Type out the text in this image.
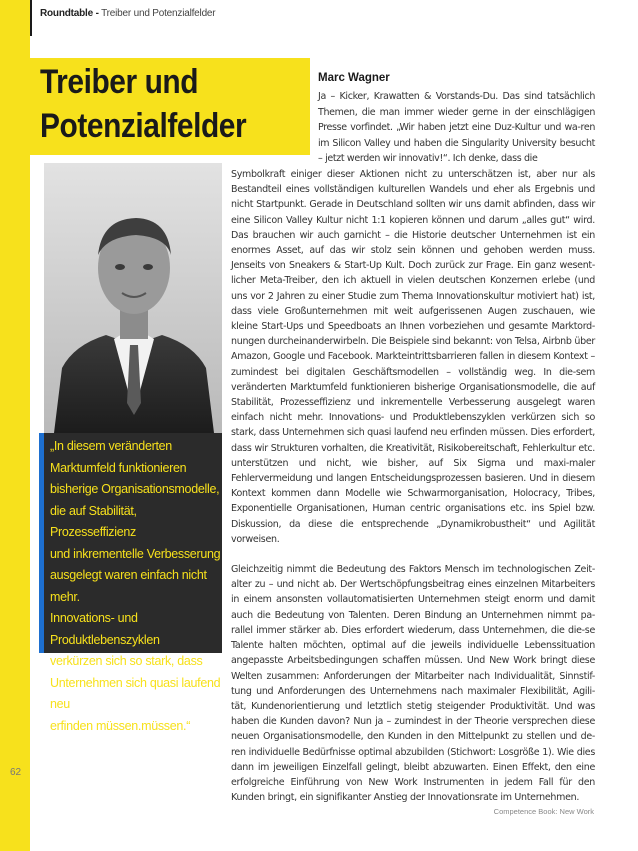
Roundtable - Treiber und Potenzialfelder
Treiber und
Potenzialfelder

„In diesem veränderten
Marktumfeld funktionieren
bisherige Organisationsmodelle,
die auf Stabilität, Prozesseffizienz
und inkrementelle Verbesserung
ausgelegt waren einfach nicht mehr.
Innovations- und Produktlebenszyklen
verkürzen sich so stark, dass
Unternehmen sich quasi laufend neu
erfinden müssen.müssen.“

Marc Wagner

Ja – Kicker, Krawatten & Vorstands-Du. Das sind tatsächlich Themen, die man immer wieder gerne in der einschlägigen Presse vorfindet. „Wir haben jetzt eine Duz-Kultur und wa-ren im Silicon Valley und haben die Singularity University besucht – jetzt werden wir innovativ!“. Ich denke, dass die

Symbolkraft einiger dieser Aktionen nicht zu unterschätzen ist, aber nur als Bestandteil eines vollständigen kulturellen Wandels und eher als Ergebnis und nicht Startpunkt. Gerade in Deutschland sollten wir uns damit abfinden, dass wir eine Silicon Valley Kultur nicht 1:1 kopieren können und darum „alles gut“ wird. Das brauchen wir auch garnicht – die Historie deutscher Unternehmen ist ein enormes Asset, auf das wir stolz sein können und gehoben werden muss. Jenseits von Sneakers & Start-Up Kult. Doch zurück zur Frage. Ein ganz wesent-licher Meta-Treiber, den ich aktuell in vielen deutschen Konzernen erlebe (und uns vor 2 Jahren zu einer Studie zum Thema Innovationskultur motiviert hat) ist, dass viele Großunternehmen mit weit aufgerissenen Augen zuschauen, wie kleine Start-Ups und Speedboats an Ihnen vorbeziehen und gesamte Marktord-nungen durcheinanderwirbeln. Die Beispiele sind bekannt: von Telsa, Airbnb über Amazon, Google und Facebook. Markteintrittsbarrieren fallen in diesem Kontext – zumindest bei digitalen Geschäftsmodellen – vollständig weg. In die-sem veränderten Marktumfeld funktionieren bisherige Organisationsmodelle, die auf Stabilität, Prozesseffizienz und inkrementelle Verbesserung ausgelegt waren einfach nicht mehr. Innovations- und Produktlebenszyklen verkürzen sich so stark, dass Unternehmen sich quasi laufend neu erfinden müssen. Dies erfordert, dass wir Strukturen vorhalten, die Kreativität, Risikobereitschaft, Fehlerkultur etc. unterstützen und nicht, wie bisher, auf Six Sigma und maxi-maler Fehlervermeidung und langen Entscheidungsprozessen basieren. Und in diesem Kontext kommen dann Modelle wie Schwarmorganisation, Holocracy, Tribes, Exponentielle Organisationen, Human centric organisations etc. ins Spiel bzw. Diskussion, da diese die entsprechende „Dynamikrobustheit“ und Agilität vorweisen.

Gleichzeitig nimmt die Bedeutung des Faktors Mensch im technologischen Zeit-alter zu – und nicht ab. Der Wertschöpfungsbeitrag eines einzelnen Mitarbeiters in einem ansonsten vollautomatisierten Unternehmen steigt enorm und damit auch die Bedeutung von Talenten. Deren Bindung an Unternehmen nimmt pa-rallel immer stärker ab. Dies erfordert wiederum, dass Unternehmen, die die-se Talente halten möchten, optimal auf die jeweils individuelle Lebenssituation angepasste Arbeitsbedingungen schaffen müssen. Und New Work bringt diese Welten zusammen: Anforderungen der Mitarbeiter nach Individualität, Sinnstif-tung und Anforderungen des Unternehmens nach maximaler Flexibilität, Agili-tät, Kundenorientierung und letztlich stetig steigender Produktivität. Und was haben die Kunden davon? Nun ja – zumindest in der Theorie versprechen diese neuen Organisationsmodelle, den Kunden in den Mittelpunkt zu stellen und de-ren individuelle Bedürfnisse optimal abzubilden (Stichwort: Losgröße 1). Wie dies dann im jeweiligen Einzelfall gelingt, bleibt abzuwarten. Einen Effekt, den eine erfolgreiche Einführung von New Work Instrumenten in jedem Fall für den Kunden bringt, ein signifikanter Anstieg der Innovationsrate im Unternehmen.

62
Competence Book: New Work
